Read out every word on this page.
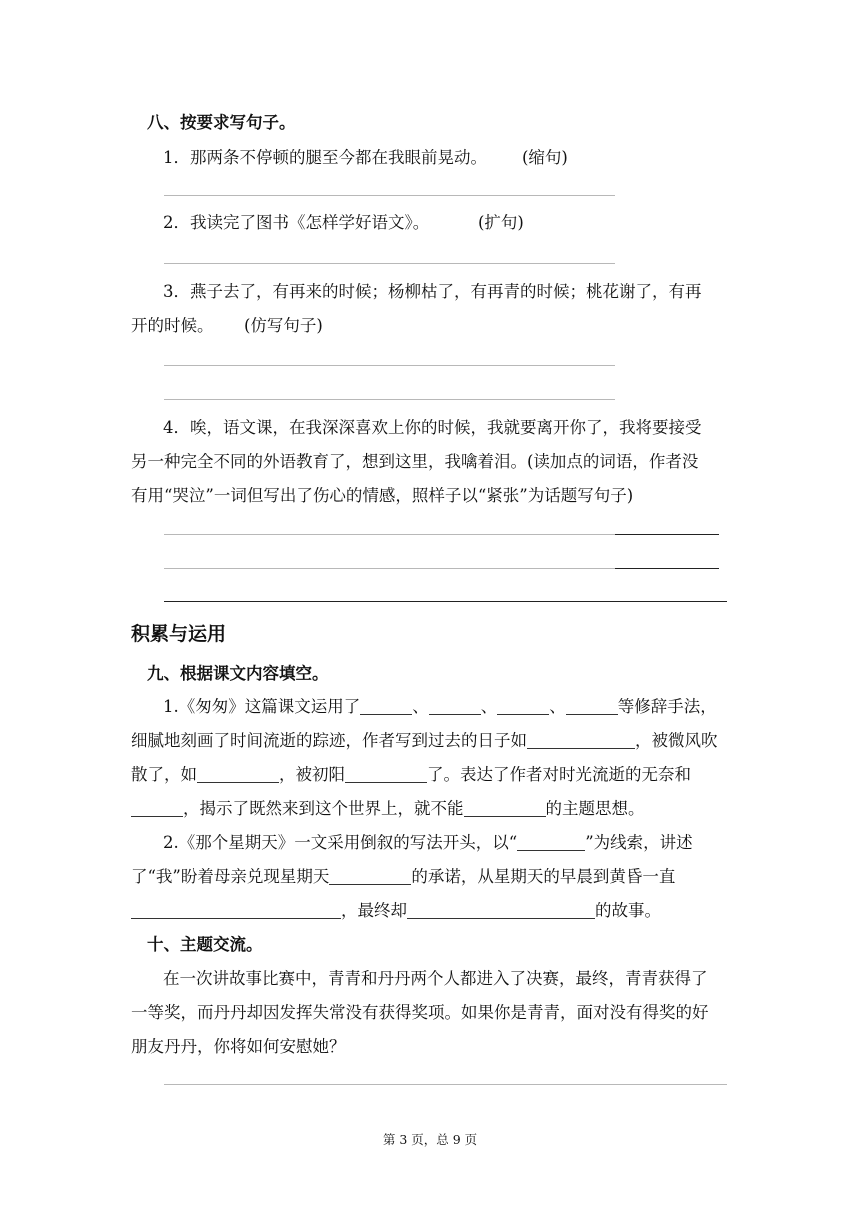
八、按要求写句子。
1．那两条不停顿的腿至今都在我眼前晃动。 (缩句)
2．我读完了图书《怎样学好语文》。	(扩句)
3．燕子去了，有再来的时候；杨柳枯了，有再青的时候；桃花谢了，有再
开的时候。 (仿写句子)
4．唉，语文课，在我深深喜欢上你的时候，我就要离开你了，我将要接受
另一种完全不同的外语教育了，想到这里，我噙着泪。(读加点的词语，作者没
有用“哭泣”一词但写出了伤心的情感，照样子以“紧张”为话题写句子)
积累与运用
九、根据课文内容填空。
1.《匆匆》这篇课文运用了	、	、	、	等修辞手法，
细腻地刻画了时间流逝的踪迹，作者写到过去的日子如	，被微风吹
散了，如	，被初阳	了。表达了作者对时光流逝的无奈和
，揭示了既然来到这个世界上，就不能	的主题思想。
2.《那个星期天》一文采用倒叙的写法开头，以“	”为线索，讲述
了“我”盼着母亲兑现星期天	的承诺，从星期天的早晨到黄昏一直
，最终却	的故事。
十、主题交流。
在一次讲故事比赛中，青青和丹丹两个人都进入了决赛，最终，青青获得了
一等奖，而丹丹却因发挥失常没有获得奖项。如果你是青青，面对没有得奖的好
朋友丹丹，你将如何安慰她？
第 3 页，总 9 页
